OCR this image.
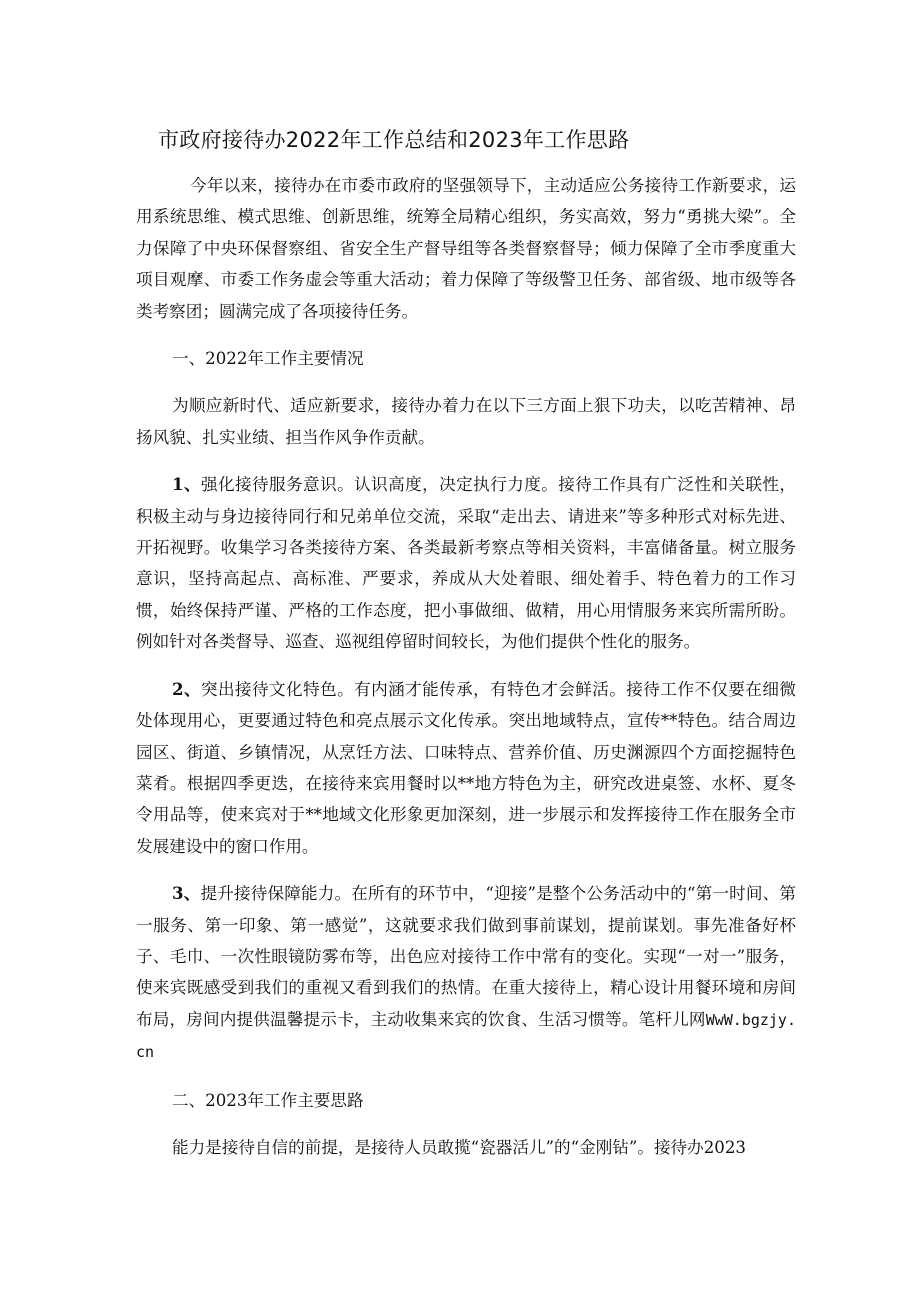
市政府接待办2022年工作总结和2023年工作思路

今年以来，接待办在市委市政府的坚强领导下，主动适应公务接待工作新要求，运用系统思维、模式思维、创新思维，统筹全局精心组织，务实高效，努力“勇挑大梁”。全力保障了中央环保督察组、省安全生产督导组等各类督察督导；倾力保障了全市季度重大项目观摩、市委工作务虚会等重大活动；着力保障了等级警卫任务、部省级、地市级等各类考察团；圆满完成了各项接待任务。

一、2022年工作主要情况

为顺应新时代、适应新要求，接待办着力在以下三方面上狠下功夫，以吃苦精神、昂扬风貌、扎实业绩、担当作风争作贡献。

1、强化接待服务意识。认识高度，决定执行力度。接待工作具有广泛性和关联性，积极主动与身边接待同行和兄弟单位交流，采取“走出去、请进来”等多种形式对标先进、开拓视野。收集学习各类接待方案、各类最新考察点等相关资料，丰富储备量。树立服务意识，坚持高起点、高标准、严要求，养成从大处着眼、细处着手、特色着力的工作习惯，始终保持严谨、严格的工作态度，把小事做细、做精，用心用情服务来宾所需所盼。例如针对各类督导、巡查、巡视组停留时间较长，为他们提供个性化的服务。

2、突出接待文化特色。有内涵才能传承，有特色才会鲜活。接待工作不仅要在细微处体现用心，更要通过特色和亮点展示文化传承。突出地域特点，宣传**特色。结合周边园区、街道、乡镇情况，从烹饪方法、口味特点、营养价值、历史渊源四个方面挖掘特色菜肴。根据四季更迭，在接待来宾用餐时以**地方特色为主，研究改进桌签、水杯、夏冬令用品等，使来宾对于**地域文化形象更加深刻，进一步展示和发挥接待工作在服务全市发展建设中的窗口作用。

3、提升接待保障能力。在所有的环节中，“迎接”是整个公务活动中的“第一时间、第一服务、第一印象、第一感觉”，这就要求我们做到事前谋划，提前谋划。事先准备好杯子、毛巾、一次性眼镜防雾布等，出色应对接待工作中常有的变化。实现“一对一”服务，使来宾既感受到我们的重视又看到我们的热情。在重大接待上，精心设计用餐环境和房间布局，房间内提供温馨提示卡，主动收集来宾的饮食、生活习惯等。笔杆儿网WwW.bgzjy.cn

二、2023年工作主要思路

能力是接待自信的前提，是接待人员敢揽“瓷器活儿”的“金刚钻”。接待办2023
